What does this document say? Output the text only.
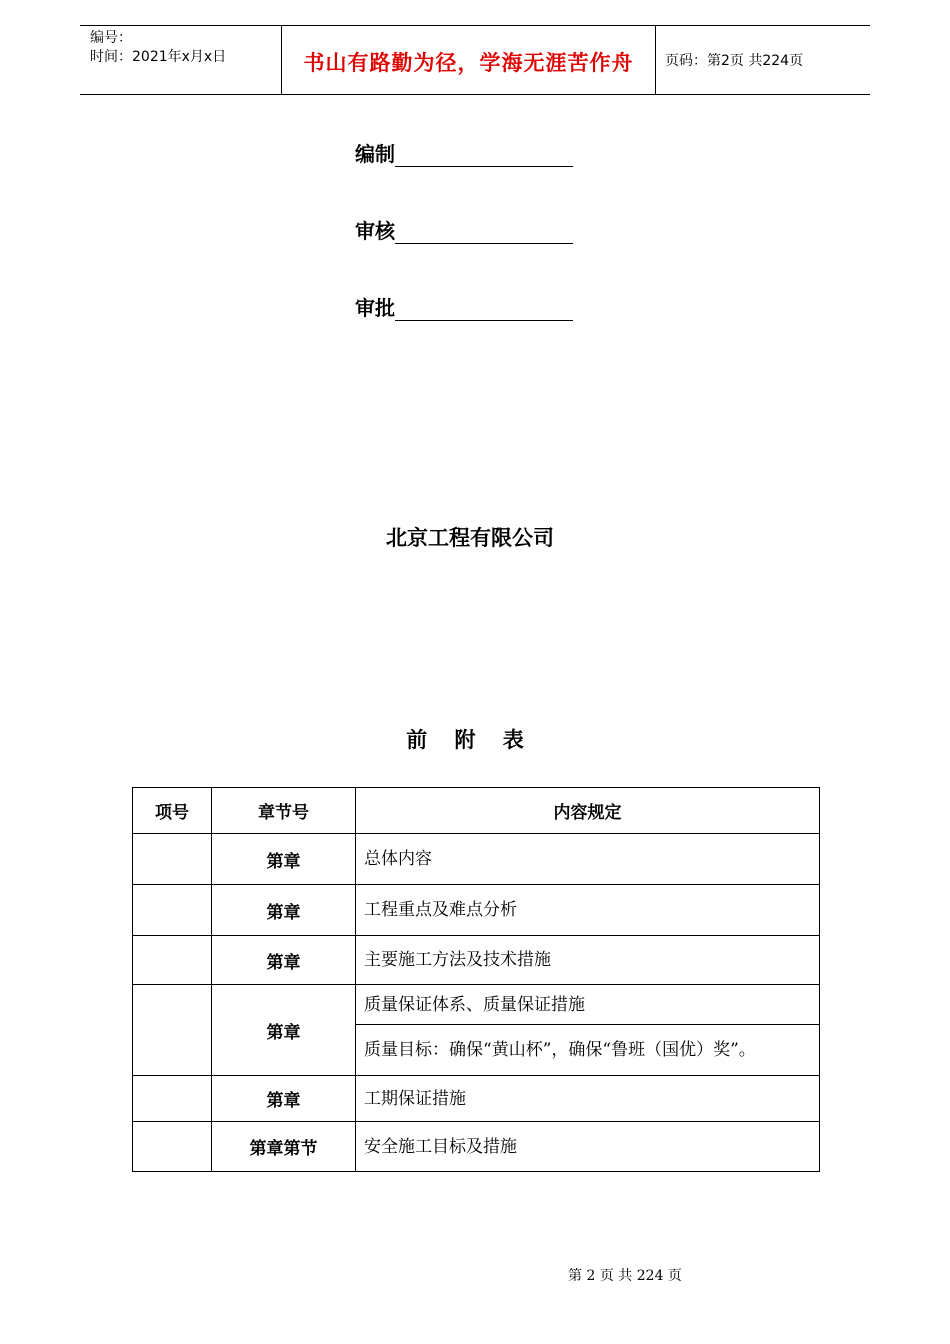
编号：
时间：2021年x月x日	书山有路勤为径，学海无涯苦作舟	页码：第2页 共224页
编制
审核
审批
北京工程有限公司
前 附 表
项号	章节号	内容规定
	第章	总体内容
	第章	工程重点及难点分析
	第章	主要施工方法及技术措施
	第章	质量保证体系、质量保证措施
		质量目标：确保“黄山杯”，确保“鲁班（国优）奖”。
	第章	工期保证措施
	第章第节	安全施工目标及措施
第 2 页 共 224 页
